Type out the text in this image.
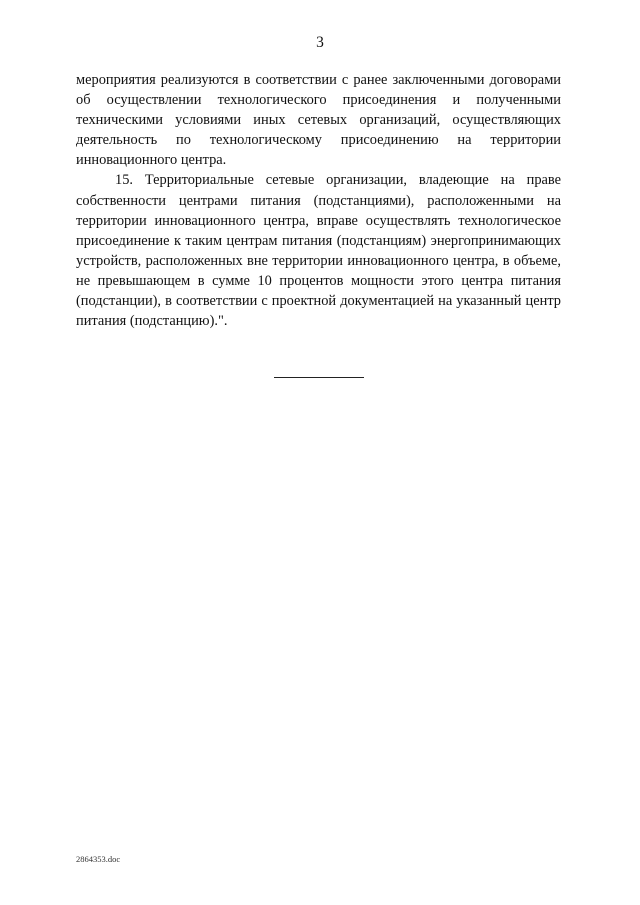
3

мероприятия реализуются в соответствии с ранее заключенными договорами об осуществлении технологического присоединения и полученными техническими условиями иных сетевых организаций, осуществляющих деятельность по технологическому присоединению на территории инновационного центра.

15. Территориальные сетевые организации, владеющие на праве собственности центрами питания (подстанциями), расположенными на территории инновационного центра, вправе осуществлять технологическое присоединение к таким центрам питания (подстанциям) энергопринимающих устройств, расположенных вне территории инновационного центра, в объеме, не превышающем в сумме 10 процентов мощности этого центра питания (подстанции), в соответствии с проектной документацией на указанный центр питания (подстанцию).".

2864353.doc
